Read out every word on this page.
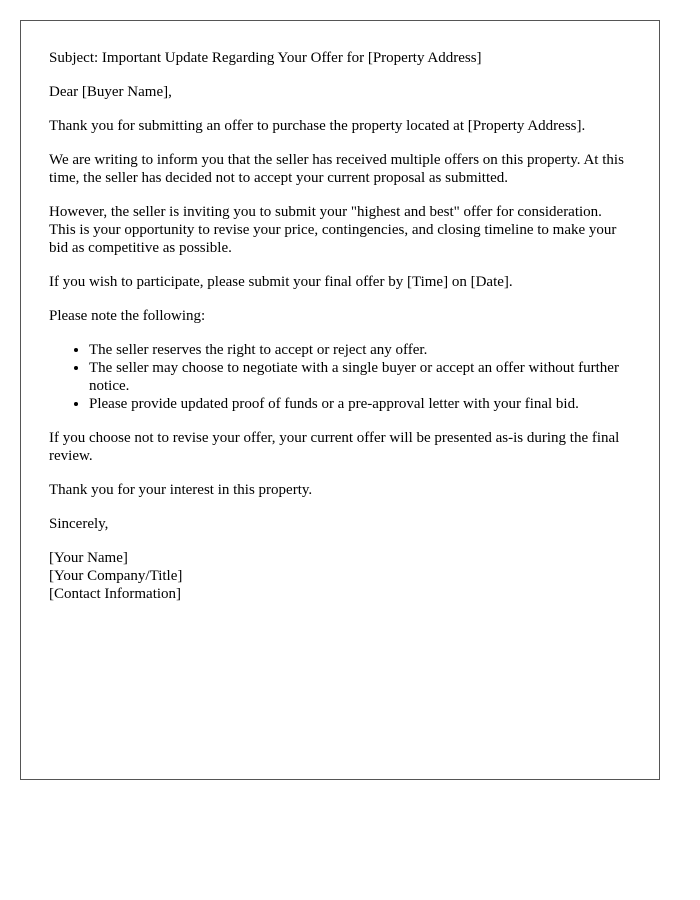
Subject: Important Update Regarding Your Offer for [Property Address]

Dear [Buyer Name],

Thank you for submitting an offer to purchase the property located at [Property Address].

We are writing to inform you that the seller has received multiple offers on this property. At this time, the seller has decided not to accept your current proposal as submitted.

However, the seller is inviting you to submit your "highest and best" offer for consideration. This is your opportunity to revise your price, contingencies, and closing timeline to make your bid as competitive as possible.

If you wish to participate, please submit your final offer by [Time] on [Date].

Please note the following:

• The seller reserves the right to accept or reject any offer.
• The seller may choose to negotiate with a single buyer or accept an offer without further notice.
• Please provide updated proof of funds or a pre-approval letter with your final bid.

If you choose not to revise your offer, your current offer will be presented as-is during the final review.

Thank you for your interest in this property.

Sincerely,

[Your Name]

[Your Company/Title]

[Contact Information]
